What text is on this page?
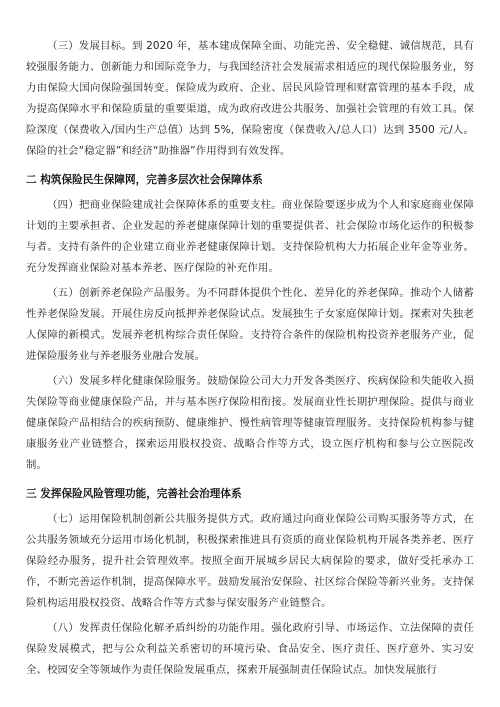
（三）发展目标。到 2020 年，基本建成保障全面、功能完善、安全稳健、诚信规范，具有较强服务能力、创新能力和国际竞争力，与我国经济社会发展需求相适应的现代保险服务业，努力由保险大国向保险强国转变。保险成为政府、企业、居民风险管理和财富管理的基本手段，成为提高保障水平和保险质量的重要渠道，成为政府改进公共服务、加强社会管理的有效工具。保险深度（保费收入/国内生产总值）达到 5%，保险密度（保费收入/总人口）达到 3500 元/人。保险的社会“稳定器”和经济“助推器”作用得到有效发挥。

二 构筑保险民生保障网，完善多层次社会保障体系

（四）把商业保险建成社会保障体系的重要支柱。商业保险要逐步成为个人和家庭商业保障计划的主要承担者、企业发起的养老健康保障计划的重要提供者、社会保险市场化运作的积极参与者。支持有条件的企业建立商业养老健康保障计划。支持保险机构大力拓展企业年金等业务。充分发挥商业保险对基本养老、医疗保险的补充作用。

（五）创新养老保险产品服务。为不同群体提供个性化、差异化的养老保障。推动个人储蓄性养老保险发展。开展住房反向抵押养老保险试点。发展独生子女家庭保障计划。探索对失独老人保障的新模式。发展养老机构综合责任保险。支持符合条件的保险机构投资养老服务产业，促进保险服务业与养老服务业融合发展。

（六）发展多样化健康保险服务。鼓励保险公司大力开发各类医疗、疾病保险和失能收入损失保险等商业健康保险产品，并与基本医疗保险相衔接。发展商业性长期护理保险。提供与商业健康保险产品相结合的疾病预防、健康维护、慢性病管理等健康管理服务。支持保险机构参与健康服务业产业链整合，探索运用股权投资、战略合作等方式，设立医疗机构和参与公立医院改制。

三 发挥保险风险管理功能，完善社会治理体系

（七）运用保险机制创新公共服务提供方式。政府通过向商业保险公司购买服务等方式，在公共服务领域充分运用市场化机制，积极探索推进具有资质的商业保险机构开展各类养老、医疗保险经办服务，提升社会管理效率。按照全面开展城乡居民大病保险的要求，做好受托承办工作，不断完善运作机制，提高保障水平。鼓励发展治安保险、社区综合保险等新兴业务。支持保险机构运用股权投资、战略合作等方式参与保安服务产业链整合。

（八）发挥责任保险化解矛盾纠纷的功能作用。强化政府引导、市场运作、立法保障的责任保险发展模式，把与公众利益关系密切的环境污染、食品安全、医疗责任、医疗意外、实习安全、校园安全等领域作为责任保险发展重点，探索开展强制责任保险试点。加快发展旅行
